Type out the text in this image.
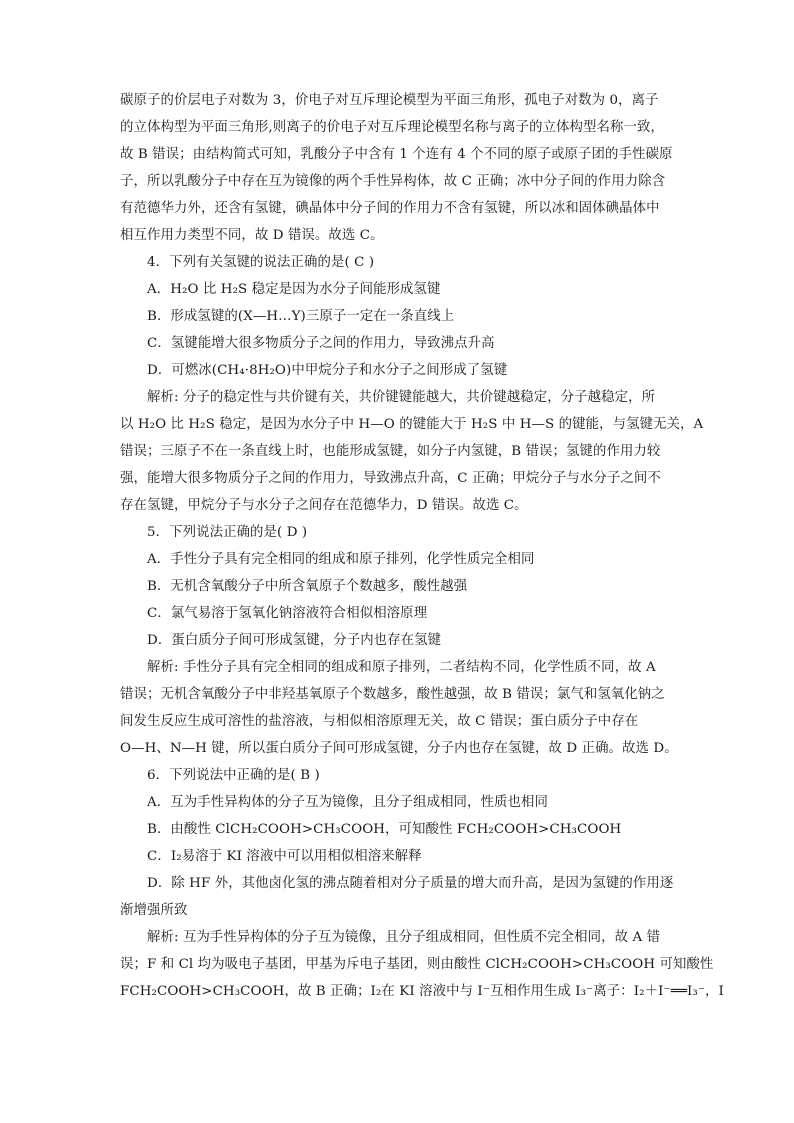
碳原子的价层电子对数为 3，价电子对互斥理论模型为平面三角形，孤电子对数为 0，离子
的立体构型为平面三角形,则离子的价电子对互斥理论模型名称与离子的立体构型名称一致，
故 B 错误；由结构简式可知，乳酸分子中含有 1 个连有 4 个不同的原子或原子团的手性碳原
子，所以乳酸分子中存在互为镜像的两个手性异构体，故 C 正确；冰中分子间的作用力除含
有范德华力外，还含有氢键，碘晶体中分子间的作用力不含有氢键，所以冰和固体碘晶体中
相互作用力类型不同，故 D 错误。故选 C。
4．下列有关氢键的说法正确的是( C )
A．H₂O 比 H₂S 稳定是因为水分子间能形成氢键
B．形成氢键的(X—H…Y)三原子一定在一条直线上
C．氢键能增大很多物质分子之间的作用力，导致沸点升高
D．可燃冰(CH₄·8H₂O)中甲烷分子和水分子之间形成了氢键
解析: 分子的稳定性与共价键有关，共价键键能越大，共价键越稳定，分子越稳定，所
以 H₂O 比 H₂S 稳定，是因为水分子中 H—O 的键能大于 H₂S 中 H—S 的键能，与氢键无关，A
错误；三原子不在一条直线上时，也能形成氢键，如分子内氢键，B 错误；氢键的作用力较
强，能增大很多物质分子之间的作用力，导致沸点升高，C 正确；甲烷分子与水分子之间不
存在氢键，甲烷分子与水分子之间存在范德华力，D 错误。故选 C。
5．下列说法正确的是( D )
A．手性分子具有完全相同的组成和原子排列，化学性质完全相同
B．无机含氧酸分子中所含氧原子个数越多，酸性越强
C．氯气易溶于氢氧化钠溶液符合相似相溶原理
D．蛋白质分子间可形成氢键，分子内也存在氢键
解析: 手性分子具有完全相同的组成和原子排列，二者结构不同，化学性质不同，故 A
错误；无机含氧酸分子中非羟基氧原子个数越多，酸性越强，故 B 错误；氯气和氢氧化钠之
间发生反应生成可溶性的盐溶液，与相似相溶原理无关，故 C 错误；蛋白质分子中存在
O—H、N—H 键，所以蛋白质分子间可形成氢键，分子内也存在氢键，故 D 正确。故选 D。
6．下列说法中正确的是( B )
A．互为手性异构体的分子互为镜像，且分子组成相同，性质也相同
B．由酸性 ClCH₂COOH>CH₃COOH，可知酸性 FCH₂COOH>CH₃COOH
C．I₂易溶于 KI 溶液中可以用相似相溶来解释
D．除 HF 外，其他卤化氢的沸点随着相对分子质量的增大而升高，是因为氢键的作用逐
渐增强所致
解析: 互为手性异构体的分子互为镜像，且分子组成相同，但性质不完全相同，故 A 错
误；F 和 Cl 均为吸电子基团，甲基为斥电子基团，则由酸性 ClCH₂COOH>CH₃COOH 可知酸性
FCH₂COOH>CH₃COOH，故 B 正确；I₂在 KI 溶液中与 I⁻互相作用生成 I₃⁻离子：I₂＋I⁻══I₃⁻，I
